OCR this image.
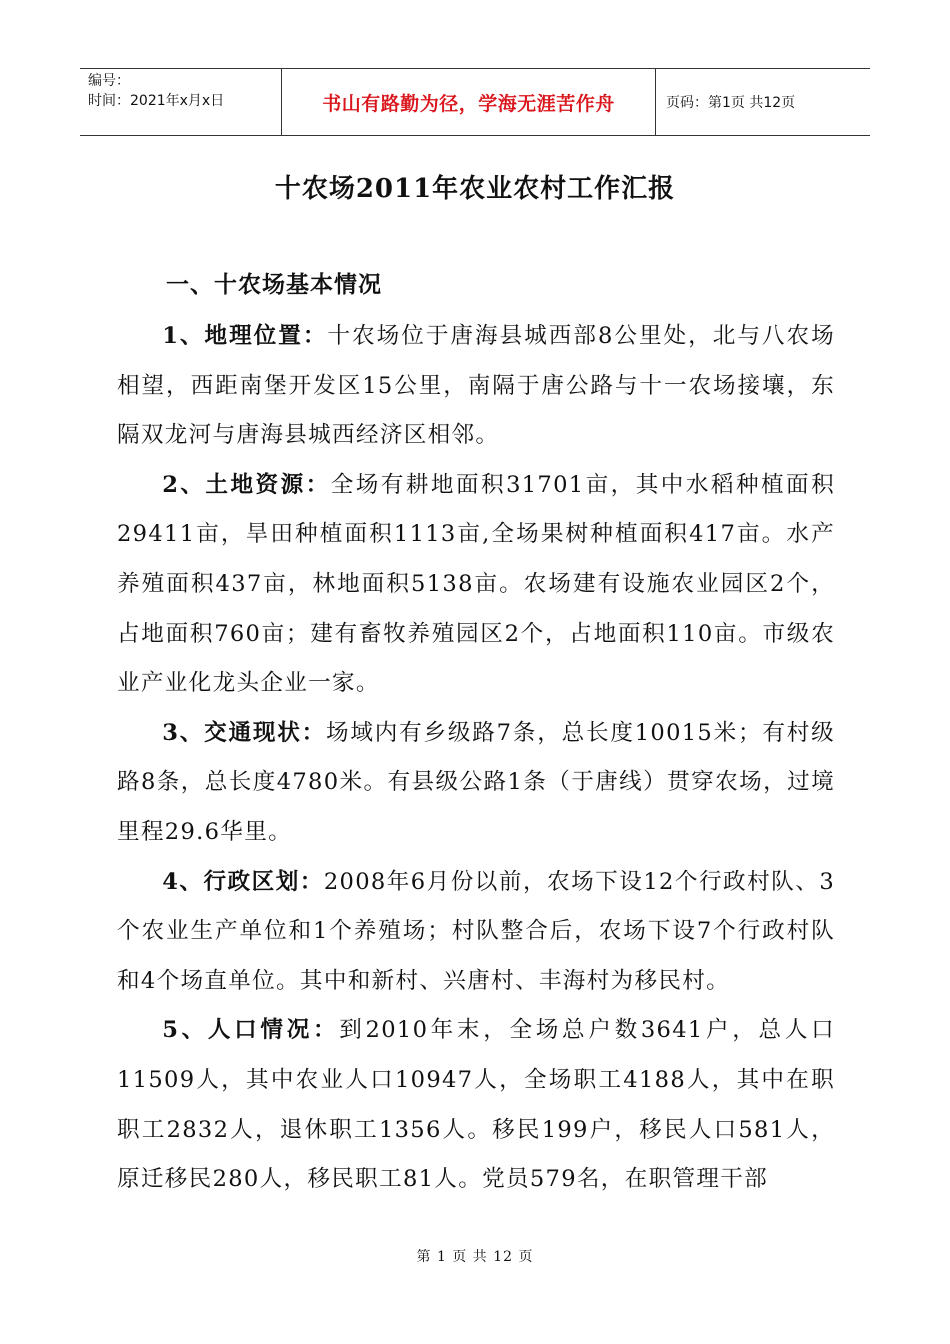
编号：
时间：2021年x月x日	书山有路勤为径，学海无涯苦作舟	页码：第1页 共12页
十农场2011年农业农村工作汇报
一、十农场基本情况

1、地理位置：十农场位于唐海县城西部8公里处，北与八农场相望，西距南堡开发区15公里，南隔于唐公路与十一农场接壤，东隔双龙河与唐海县城西经济区相邻。

2、土地资源：全场有耕地面积31701亩，其中水稻种植面积29411亩，旱田种植面积1113亩,全场果树种植面积417亩。水产养殖面积437亩，林地面积5138亩。农场建有设施农业园区2个，占地面积760亩；建有畜牧养殖园区2个，占地面积110亩。市级农业产业化龙头企业一家。

3、交通现状：场域内有乡级路7条，总长度10015米；有村级路8条，总长度4780米。有县级公路1条（于唐线）贯穿农场，过境里程29.6华里。

4、行政区划：2008年6月份以前，农场下设12个行政村队、3个农业生产单位和1个养殖场；村队整合后，农场下设7个行政村队和4个场直单位。其中和新村、兴唐村、丰海村为移民村。

5、人口情况：到2010年末，全场总户数3641户，总人口11509人，其中农业人口10947人，全场职工4188人，其中在职职工2832人，退休职工1356人。移民199户，移民人口581人，原迁移民280人，移民职工81人。党员579名，在职管理干部

第 1 页 共 12 页
